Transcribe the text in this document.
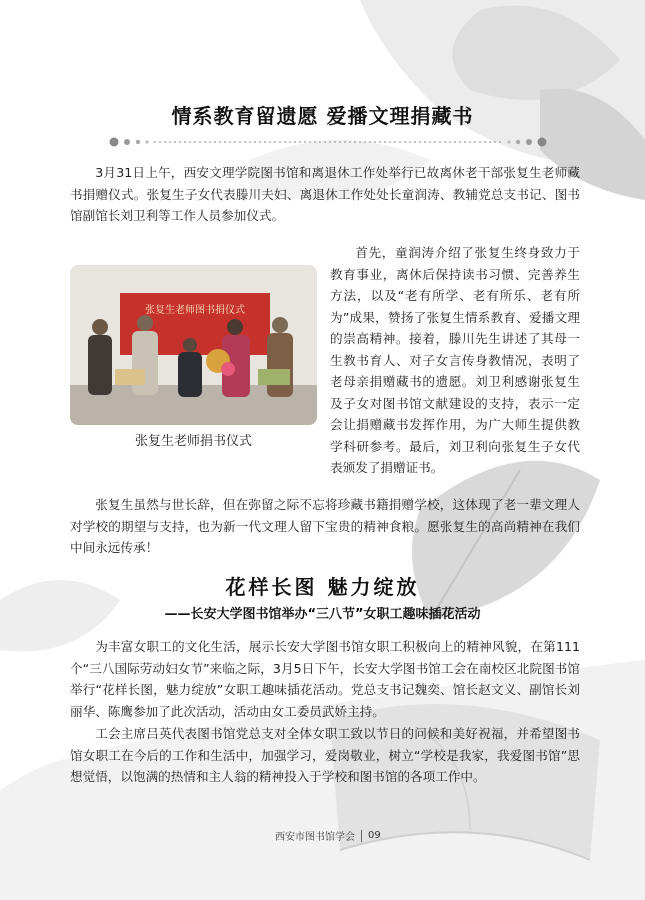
情系教育留遗愿 爱播文理捐藏书

3月31日上午，西安文理学院图书馆和离退休工作处举行已故离休老干部张复生老师藏书捐赠仪式。张复生子女代表滕川夫妇、离退休工作处处长童润涛、教辅党总支书记、图书馆副馆长刘卫利等工作人员参加仪式。

张复生老师图书捐仪式
张复生老师捐书仪式

首先，童润涛介绍了张复生终身致力于教育事业，离休后保持读书习惯、完善养生方法，以及“老有所学、老有所乐、老有所为”成果，赞扬了张复生情系教育、爱播文理的崇高精神。接着，滕川先生讲述了其母一生教书育人、对子女言传身教情况，表明了老母亲捐赠藏书的遗愿。刘卫利感谢张复生及子女对图书馆文献建设的支持，表示一定会让捐赠藏书发挥作用，为广大师生提供教学科研参考。最后，刘卫利向张复生子女代表颁发了捐赠证书。

张复生虽然与世长辞，但在弥留之际不忘将珍藏书籍捐赠学校，这体现了老一辈文理人对学校的期望与支持，也为新一代文理人留下宝贵的精神食粮。愿张复生的高尚精神在我们中间永远传承！

花样长图 魅力绽放
——长安大学图书馆举办“三八节”女职工趣味插花活动

为丰富女职工的文化生活，展示长安大学图书馆女职工积极向上的精神风貌，在第111个“三八国际劳动妇女节”来临之际，3月5日下午，长安大学图书馆工会在南校区北院图书馆举行“花样长图，魅力绽放”女职工趣味插花活动。党总支书记魏奕、馆长赵文义、副馆长刘丽华、陈鹰参加了此次活动，活动由女工委员武娇主持。

工会主席吕英代表图书馆党总支对全体女职工致以节日的问候和美好祝福，并希望图书馆女职工在今后的工作和生活中，加强学习，爱岗敬业，树立“学校是我家，我爱图书馆”思想觉悟，以饱满的热情和主人翁的精神投入于学校和图书馆的各项工作中。

西安市图书馆学会 09
